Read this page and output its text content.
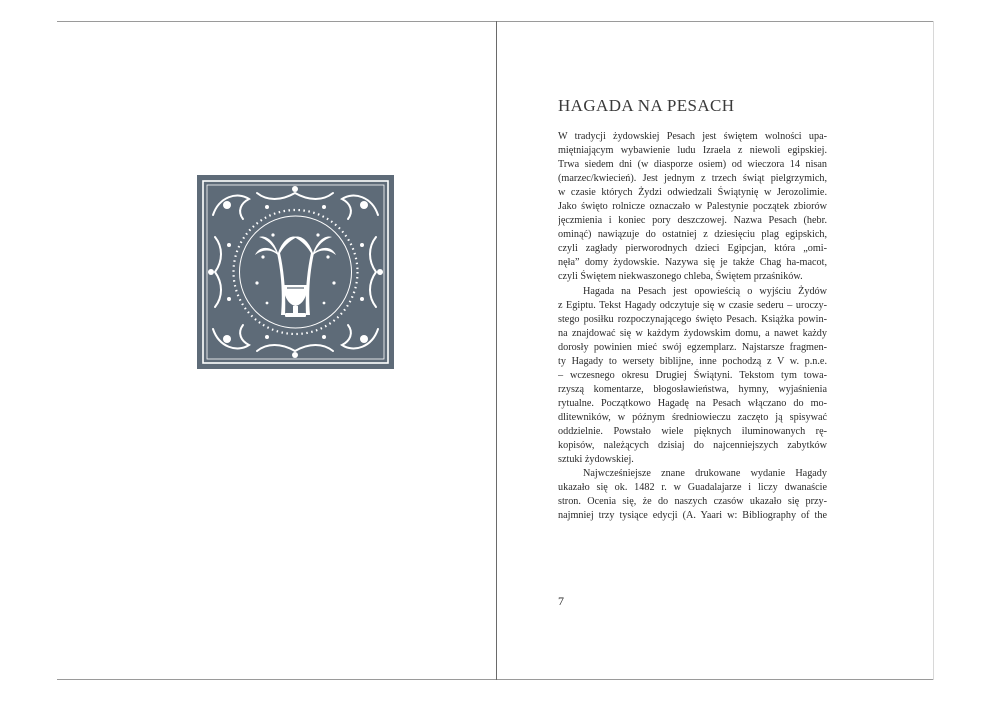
HAGADA NA PESACH

W tradycji żydowskiej Pesach jest świętem wolności upa-
miętniającym wybawienie ludu Izraela z niewoli egipskiej.
Trwa siedem dni (w diasporze osiem) od wieczora 14 nisan
(marzec/kwiecień). Jest jednym z trzech świąt pielgrzymich,
w czasie których Żydzi odwiedzali Świątynię w Jerozolimie.
Jako święto rolnicze oznaczało w Palestynie początek zbiorów
jęczmienia i koniec pory deszczowej. Nazwa Pesach (hebr.
ominąć) nawiązuje do ostatniej z dziesięciu plag egipskich,
czyli zagłady pierworodnych dzieci Egipcjan, która „omi-
nęła” domy żydowskie. Nazywa się je także Chag ha-macot,
czyli Świętem niekwaszonego chleba, Świętem przaśników.

Hagada na Pesach jest opowieścią o wyjściu Żydów
z Egiptu. Tekst Hagady odczytuje się w czasie sederu – uroczy-
stego posiłku rozpoczynającego święto Pesach. Książka powin-
na znajdować się w każdym żydowskim domu, a nawet każdy
dorosły powinien mieć swój egzemplarz. Najstarsze fragmen-
ty Hagady to wersety biblijne, inne pochodzą z V w. p.n.e.
– wczesnego okresu Drugiej Świątyni. Tekstom tym towa-
rzyszą komentarze, błogosławieństwa, hymny, wyjaśnienia
rytualne. Początkowo Hagadę na Pesach włączano do mo-
dlitewników, w późnym średniowieczu zaczęto ją spisywać
oddzielnie. Powstało wiele pięknych iluminowanych rę-
kopisów, należących dzisiaj do najcenniejszych zabytków
sztuki żydowskiej.

Najwcześniejsze znane drukowane wydanie Hagady
ukazało się ok. 1482 r. w Guadalajarze i liczy dwanaście
stron. Ocenia się, że do naszych czasów ukazało się przy-
najmniej trzy tysiące edycji (A. Yaari w: Bibliography of the

7
